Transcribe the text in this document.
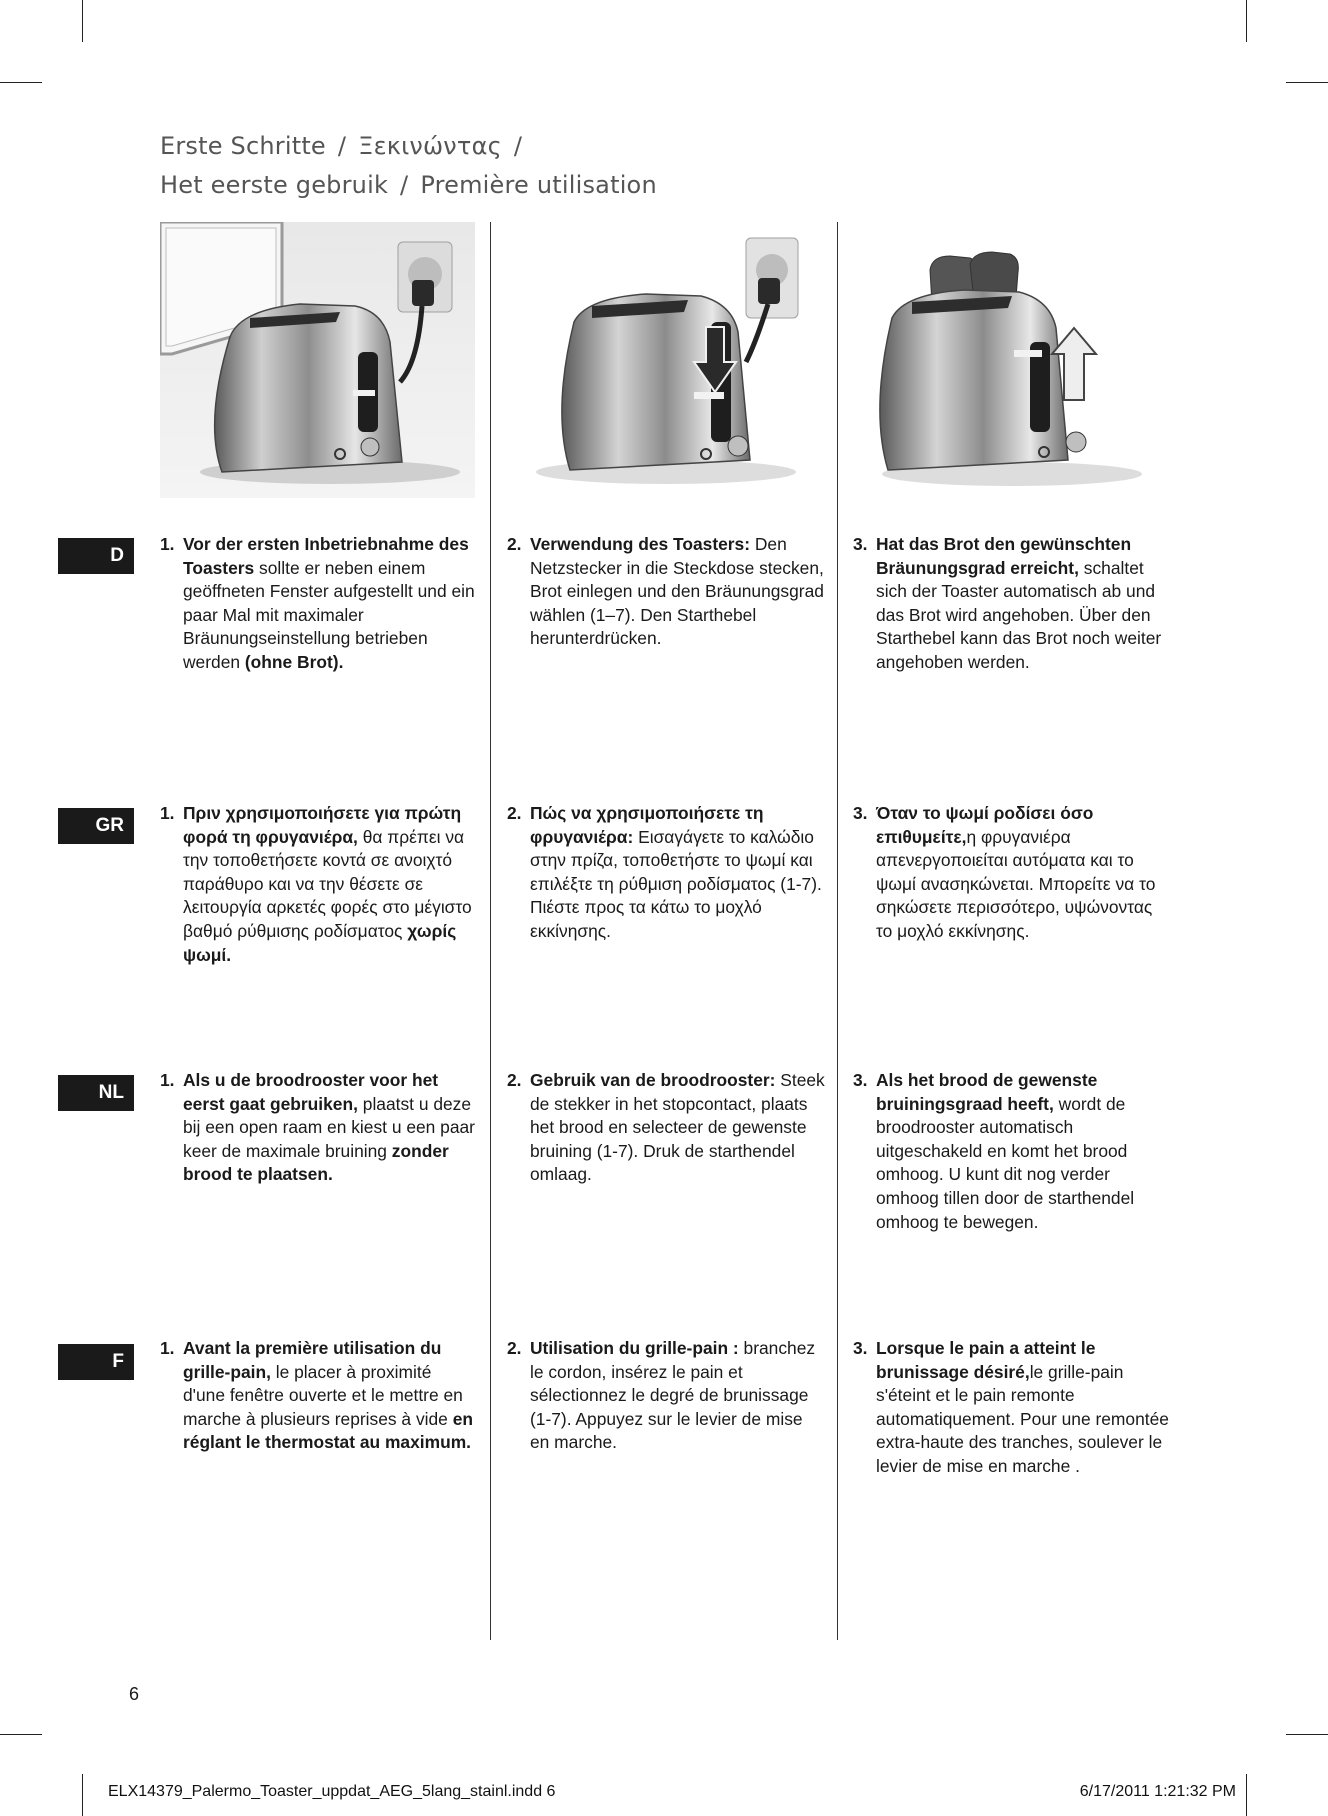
Erste Schritte / Ξεκινώντας /
Het eerste gebruik / Première utilisation
D
GR
NL
F
1. Vor der ersten Inbetriebnahme des Toasters sollte er neben einem geöffneten Fenster aufgestellt und ein paar Mal mit maximaler Bräunungseinstellung betrieben werden (ohne Brot).
2. Verwendung des Toasters: Den Netzstecker in die Steckdose stecken, Brot einlegen und den Bräunungsgrad wählen (1–7). Den Starthebel herunterdrücken.
3. Hat das Brot den gewünschten Bräunungsgrad erreicht, schaltet sich der Toaster automatisch ab und das Brot wird angehoben. Über den Starthebel kann das Brot noch weiter angehoben werden.
1. Πριν χρησιμοποιήσετε για πρώτη φορά τη φρυγανιέρα, θα πρέπει να την τοποθετήσετε κοντά σε ανοιχτό παράθυρο και να την θέσετε σε λειτουργία αρκετές φορές στο μέγιστο βαθμό ρύθμισης ροδίσματος χωρίς ψωμί.
2. Πώς να χρησιμοποιήσετε τη φρυγανιέρα: Εισαγάγετε το καλώδιο στην πρίζα, τοποθετήστε το ψωμί και επιλέξτε τη ρύθμιση ροδίσματος (1-7). Πιέστε προς τα κάτω το μοχλό εκκίνησης.
3. Όταν το ψωμί ροδίσει όσο επιθυμείτε,η φρυγανιέρα απενεργοποιείται αυτόματα και το ψωμί ανασηκώνεται. Μπορείτε να το σηκώσετε περισσότερο, υψώνοντας το μοχλό εκκίνησης.
1. Als u de broodrooster voor het eerst gaat gebruiken, plaatst u deze bij een open raam en kiest u een paar keer de maximale bruining zonder brood te plaatsen.
2. Gebruik van de broodrooster: Steek de stekker in het stopcontact, plaats het brood en selecteer de gewenste bruining (1-7). Druk de starthendel omlaag.
3. Als het brood de gewenste bruiningsgraad heeft, wordt de broodrooster automatisch uitgeschakeld en komt het brood omhoog. U kunt dit nog verder omhoog tillen door de starthendel omhoog te bewegen.
1. Avant la première utilisation du grille-pain, le placer à proximité d'une fenêtre ouverte et le mettre en marche à plusieurs reprises à vide en réglant le thermostat au maximum.
2. Utilisation du grille-pain : branchez le cordon, insérez le pain et sélectionnez le degré de brunissage (1-7). Appuyez sur le levier de mise en marche.
3. Lorsque le pain a atteint le brunissage désiré,le grille-pain s'éteint et le pain remonte automatiquement. Pour une remontée extra-haute des tranches, soulever le levier de mise en marche .
6
ELX14379_Palermo_Toaster_uppdat_AEG_5lang_stainl.indd 6	6/17/2011 1:21:32 PM
